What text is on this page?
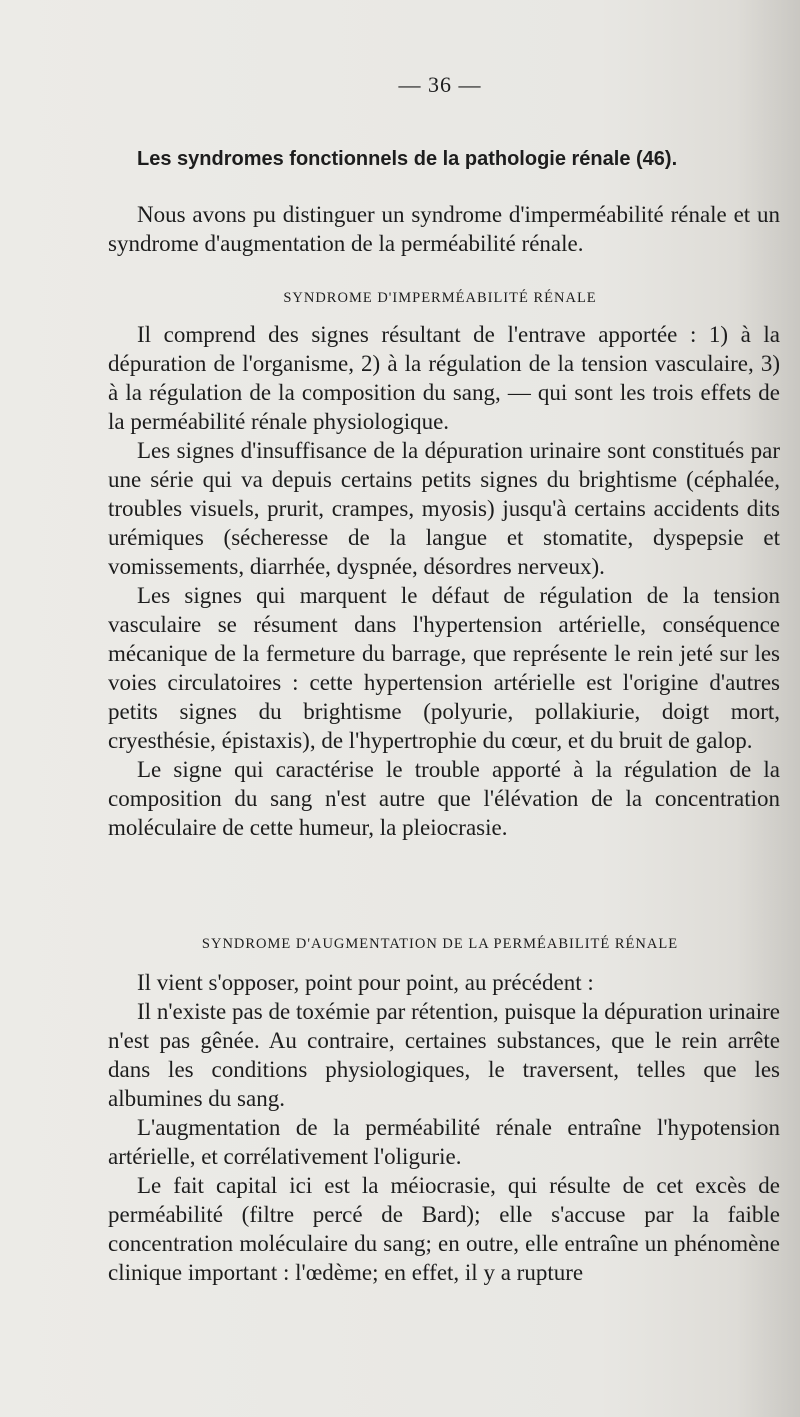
— 36 —
Les syndromes fonctionnels de la pathologie rénale (46).

Nous avons pu distinguer un syndrome d'imperméabilité rénale et un syndrome d'augmentation de la perméabilité rénale.

SYNDROME D'IMPERMÉABILITÉ RÉNALE

Il comprend des signes résultant de l'entrave apportée : 1) à la dépuration de l'organisme, 2) à la régulation de la tension vasculaire, 3) à la régulation de la composition du sang, — qui sont les trois effets de la perméabilité rénale physiologique.

Les signes d'insuffisance de la dépuration urinaire sont constitués par une série qui va depuis certains petits signes du brightisme (céphalée, troubles visuels, prurit, crampes, myosis) jusqu'à certains accidents dits urémiques (sécheresse de la langue et stomatite, dyspepsie et vomissements, diarrhée, dyspnée, désordres nerveux).

Les signes qui marquent le défaut de régulation de la tension vasculaire se résument dans l'hypertension artérielle, conséquence mécanique de la fermeture du barrage, que représente le rein jeté sur les voies circulatoires : cette hypertension artérielle est l'origine d'autres petits signes du brightisme (polyurie, pollakiurie, doigt mort, cryesthésie, épistaxis), de l'hypertrophie du cœur, et du bruit de galop.

Le signe qui caractérise le trouble apporté à la régulation de la composition du sang n'est autre que l'élévation de la concentration moléculaire de cette humeur, la pleiocrasie.

SYNDROME D'AUGMENTATION DE LA PERMÉABILITÉ RÉNALE

Il vient s'opposer, point pour point, au précédent :

Il n'existe pas de toxémie par rétention, puisque la dépuration urinaire n'est pas gênée. Au contraire, certaines substances, que le rein arrête dans les conditions physiologiques, le traversent, telles que les albumines du sang.

L'augmentation de la perméabilité rénale entraîne l'hypotension artérielle, et corrélativement l'oligurie.

Le fait capital ici est la méiocrasie, qui résulte de cet excès de perméabilité (filtre percé de Bard); elle s'accuse par la faible concentration moléculaire du sang; en outre, elle entraîne un phénomène clinique important : l'œdème; en effet, il y a rupture
